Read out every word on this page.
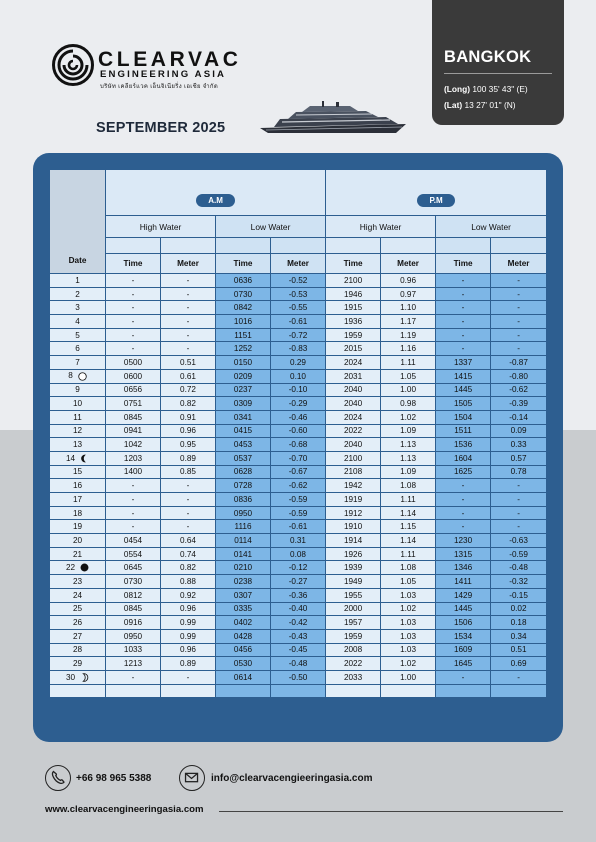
CLEARVAC
ENGINEERING ASIA
บริษัท เคลียร์แวค เอ็นจิเนียริ่ง เอเชีย จำกัด
BANGKOK
(Long) 100 35' 43" (E)
(Lat) 13 27' 01" (N)
SEPTEMBER 2025
Date	A.M				P.M			
	High Water		Low Water		High Water		Low Water	

	Time	Meter	Time	Meter	Time	Meter	Time	Meter
1	-	-	0636	-0.52	2100	0.96	-	-
2	-	-	0730	-0.53	1946	0.97	-	-
3	-	-	0842	-0.55	1915	1.10	-	-
4	-	-	1016	-0.61	1936	1.17	-	-
5	-	-	1151	-0.72	1959	1.19	-	-
6	-	-	1252	-0.83	2015	1.16	-	-
7	0500	0.51	0150	0.29	2024	1.11	1337	-0.87
8	0600	0.61	0209	0.10	2031	1.05	1415	-0.80
9	0656	0.72	0237	-0.10	2040	1.00	1445	-0.62
10	0751	0.82	0309	-0.29	2040	0.98	1505	-0.39
11	0845	0.91	0341	-0.46	2024	1.02	1504	-0.14
12	0941	0.96	0415	-0.60	2022	1.09	1511	0.09
13	1042	0.95	0453	-0.68	2040	1.13	1536	0.33
14	1203	0.89	0537	-0.70	2100	1.13	1604	0.57
15	1400	0.85	0628	-0.67	2108	1.09	1625	0.78
16	-	-	0728	-0.62	1942	1.08	-	-
17	-	-	0836	-0.59	1919	1.11	-	-
18	-	-	0950	-0.59	1912	1.14	-	-
19	-	-	1116	-0.61	1910	1.15	-	-
20	0454	0.64	0114	0.31	1914	1.14	1230	-0.63
21	0554	0.74	0141	0.08	1926	1.11	1315	-0.59
22	0645	0.82	0210	-0.12	1939	1.08	1346	-0.48
23	0730	0.88	0238	-0.27	1949	1.05	1411	-0.32
24	0812	0.92	0307	-0.36	1955	1.03	1429	-0.15
25	0845	0.96	0335	-0.40	2000	1.02	1445	0.02
26	0916	0.99	0402	-0.42	1957	1.03	1506	0.18
27	0950	0.99	0428	-0.43	1959	1.03	1534	0.34
28	1033	0.96	0456	-0.45	2008	1.03	1609	0.51
29	1213	0.89	0530	-0.48	2022	1.02	1645	0.69
30	-	-	0614	-0.50	2033	1.00	-	-

+66 98 965 5388	info@clearvacengieeringasia.com
www.clearvacengineeringasia.com
